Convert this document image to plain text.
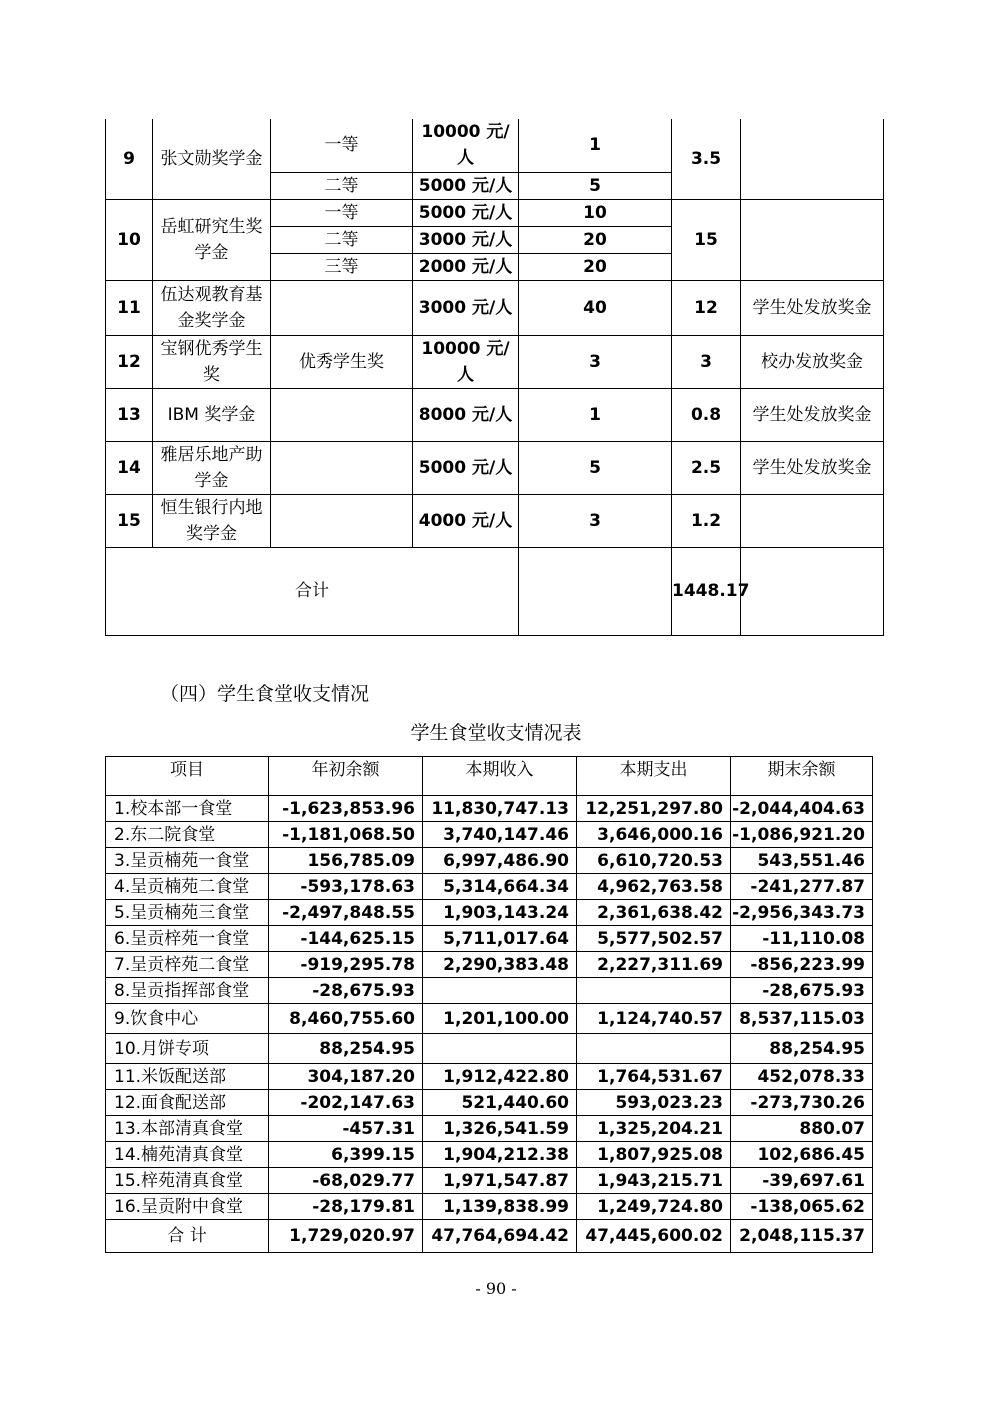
9	张文勋奖学金	一等	10000 元/人	1	3.5	
		二等	5000 元/人	5		
10	岳虹研究生奖学金	一等	5000 元/人	10	15	
		二等	3000 元/人	20		
		三等	2000 元/人	20		
11	伍达观教育基金奖学金		3000 元/人	40	12	学生处发放奖金
12	宝钢优秀学生奖	优秀学生奖	10000 元/人	3	3	校办发放奖金
13	IBM 奖学金		8000 元/人	1	0.8	学生处发放奖金
14	雅居乐地产助学金		5000 元/人	5	2.5	学生处发放奖金
15	恒生银行内地奖学金		4000 元/人	3	1.2	
合计					1448.17	
（四）学生食堂收支情况
学生食堂收支情况表
项目	年初余额	本期收入	本期支出	期末余额
1.校本部一食堂	-1,623,853.96	11,830,747.13	12,251,297.80	-2,044,404.63
2.东二院食堂	-1,181,068.50	3,740,147.46	3,646,000.16	-1,086,921.20
3.呈贡楠苑一食堂	156,785.09	6,997,486.90	6,610,720.53	543,551.46
4.呈贡楠苑二食堂	-593,178.63	5,314,664.34	4,962,763.58	-241,277.87
5.呈贡楠苑三食堂	-2,497,848.55	1,903,143.24	2,361,638.42	-2,956,343.73
6.呈贡梓苑一食堂	-144,625.15	5,711,017.64	5,577,502.57	-11,110.08
7.呈贡梓苑二食堂	-919,295.78	2,290,383.48	2,227,311.69	-856,223.99
8.呈贡指挥部食堂	-28,675.93			-28,675.93
9.饮食中心	8,460,755.60	1,201,100.00	1,124,740.57	8,537,115.03
10.月饼专项	88,254.95			88,254.95
11.米饭配送部	304,187.20	1,912,422.80	1,764,531.67	452,078.33
12.面食配送部	-202,147.63	521,440.60	593,023.23	-273,730.26
13.本部清真食堂	-457.31	1,326,541.59	1,325,204.21	880.07
14.楠苑清真食堂	6,399.15	1,904,212.38	1,807,925.08	102,686.45
15.梓苑清真食堂	-68,029.77	1,971,547.87	1,943,215.71	-39,697.61
16.呈贡附中食堂	-28,179.81	1,139,838.99	1,249,724.80	-138,065.62
合 计	1,729,020.97	47,764,694.42	47,445,600.02	2,048,115.37
- 90 -
